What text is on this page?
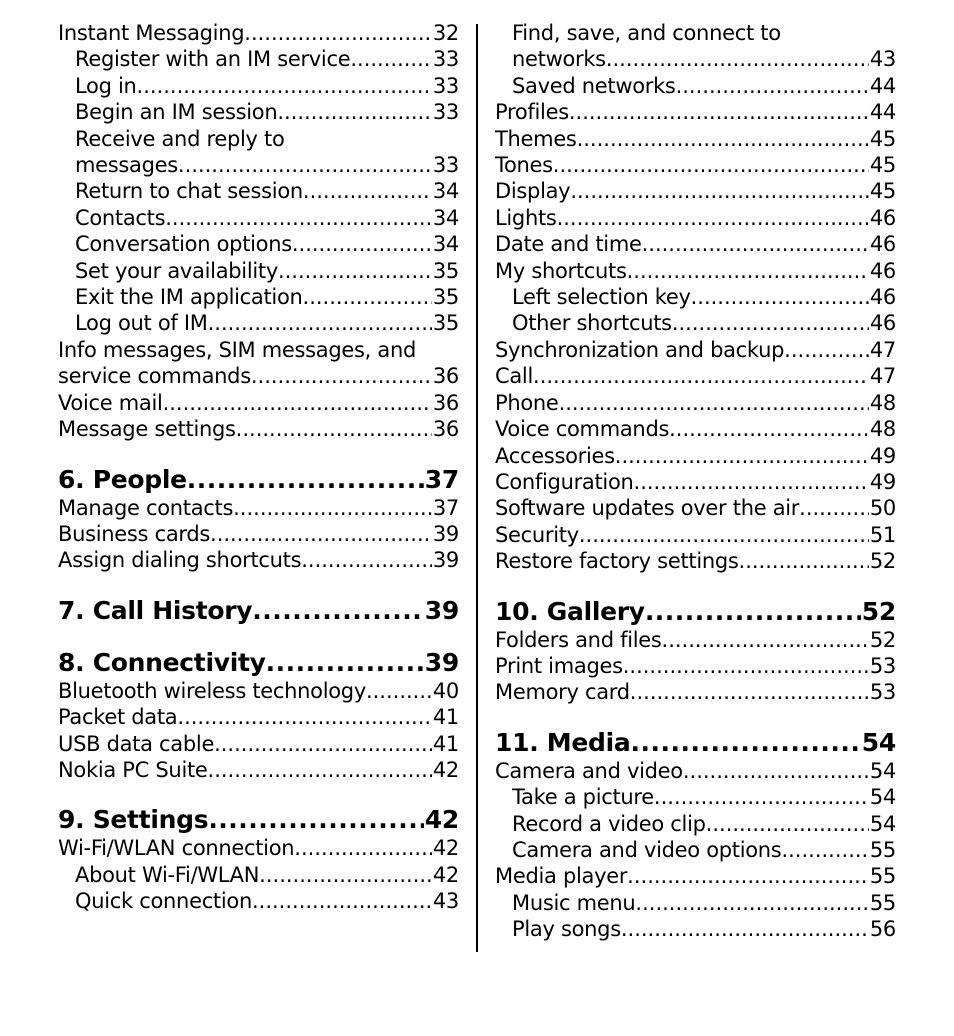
Instant Messaging .....	32
Register with an IM service .....	33
Log in .....	33
Begin an IM session .....	33
Receive and reply to
messages .....	33
Return to chat session .....	34
Contacts .....	34
Conversation options .....	34
Set your availability .....	35
Exit the IM application .....	35
Log out of IM .....	35
Info messages, SIM messages, and
service commands .....	36
Voice mail .....	36
Message settings .....	36
6. People .....	37
Manage contacts .....	37
Business cards .....	39
Assign dialing shortcuts .....	39
7. Call History .....	39
8. Connectivity .....	39
Bluetooth wireless technology .....	40
Packet data .....	41
USB data cable .....	41
Nokia PC Suite .....	42
9. Settings .....	42
Wi-Fi/WLAN connection .....	42
About Wi-Fi/WLAN .....	42
Quick connection .....	43
Find, save, and connect to
networks .....	43
Saved networks .....	44
Profiles .....	44
Themes .....	45
Tones .....	45
Display .....	45
Lights .....	46
Date and time .....	46
My shortcuts .....	46
Left selection key .....	46
Other shortcuts .....	46
Synchronization and backup .....	47
Call .....	47
Phone .....	48
Voice commands .....	48
Accessories .....	49
Configuration .....	49
Software updates over the air .....	50
Security .....	51
Restore factory settings .....	52
10. Gallery .....	52
Folders and files .....	52
Print images .....	53
Memory card .....	53
11. Media .....	54
Camera and video .....	54
Take a picture .....	54
Record a video clip .....	54
Camera and video options .....	55
Media player .....	55
Music menu .....	55
Play songs .....	56
